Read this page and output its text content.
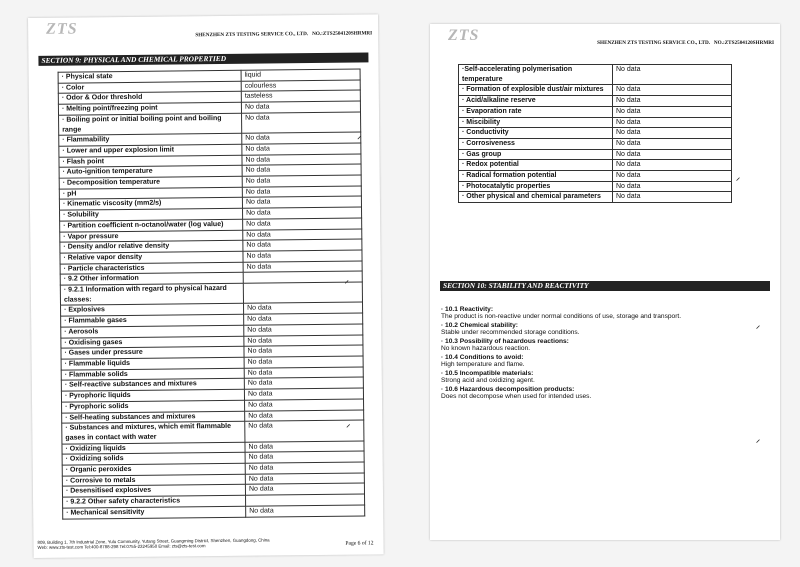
ZTS	SHENZHEN ZTS TESTING SERVICE CO., LTD. NO.:ZTS2504120SHRMRI
SECTION 9: PHYSICAL AND CHEMICAL PROPERTIED
· Physical state	liquid
· Color	colourless
· Odor & Odor threshold	tasteless
· Melting point/freezing point	No data
· Boiling point or initial boiling point and boiling range	No data
· Flammability	No data
· Lower and upper explosion limit	No data
· Flash point	No data
· Auto-ignition temperature	No data
· Decomposition temperature	No data
· pH	No data
· Kinematic viscosity (mm2/s)	No data
· Solubility	No data
· Partition coefficient n-octanol/water (log value)	No data
· Vapor pressure	No data
· Density and/or relative density	No data
· Relative vapor density	No data
· Particle characteristics	No data
· 9.2 Other information	
· 9.2.1 Information with regard to physical hazard classes:	
· Explosives	No data
· Flammable gases	No data
· Aerosols	No data
· Oxidising gases	No data
· Gases under pressure	No data
· Flammable liquids	No data
· Flammable solids	No data
· Self-reactive substances and mixtures	No data
· Pyrophoric liquids	No data
· Pyrophoric solids	No data
· Self-heating substances and mixtures	No data
· Substances and mixtures, which emit flammable gases in contact with water	No data
· Oxidizing liquids	No data
· Oxidizing solids	No data
· Organic peroxides	No data
· Corrosive to metals	No data
· Desensitised explosives	No data
· 9.2.2 Other safety characteristics	
· Mechanical sensitivity	No data
809, Building 1, 7th Industrial Zone, Yulu Community, Yutang Street, Guangming District, Shenzhen, Guangdong, China
Web: www.zts-test.com Tel:400-8788-298 Tel:0755-23245950 Email: zts@zts-test.com	Page 6 of 12
⸝
⸝
⸝
ZTS	SHENZHEN ZTS TESTING SERVICE CO., LTD. NO.:ZTS2504120SHRMRI
·Self-accelerating polymerisation temperature	No data
· Formation of explosible dust/air mixtures	No data
· Acid/alkaline reserve	No data
· Evaporation rate	No data
· Miscibility	No data
· Conductivity	No data
· Corrosiveness	No data
· Gas group	No data
· Redox potential	No data
· Radical formation potential	No data
· Photocatalytic properties	No data
· Other physical and chemical parameters	No data
SECTION 10: STABILITY AND REACTIVITY
· 10.1 Reactivity:
The product is non-reactive under normal conditions of use, storage and transport.
· 10.2 Chemical stability:
Stable under recommended storage conditions.
· 10.3 Possibility of hazardous reactions:
No known hazardous reaction.
· 10.4 Conditions to avoid:
High temperature and flame.
· 10.5 Incompatible materials:
Strong acid and oxidizing agent.
· 10.6 Hazardous decomposition products:
Does not decompose when used for intended uses.
⸝
⸝
⸝
